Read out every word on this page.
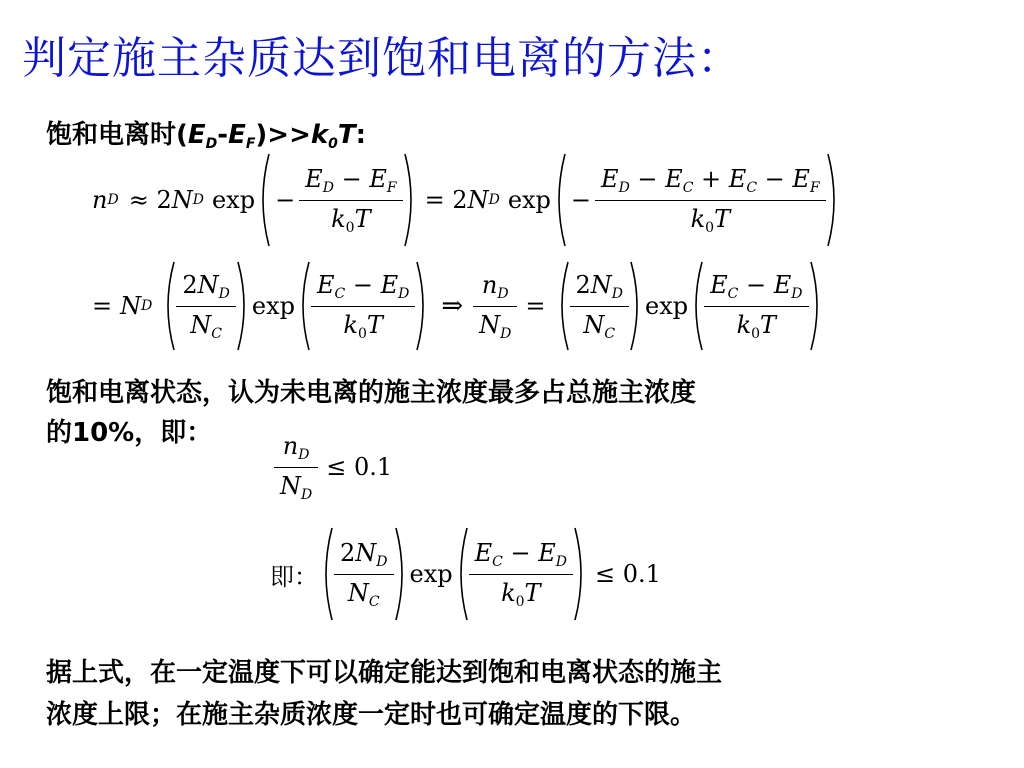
判定施主杂质达到饱和电离的方法：
饱和电离时$(E_D-E_F)>>k_0T$:
n D ≈ 2 N D $\exp - \frac{E_D - E_F}{k_0T} = 2$ N D $\exp - \frac{E_D - E_C + E_C - E_F}{k_0T}$
= N D $\frac{2N_D}{N_C}$ $\exp \frac{E_C - E_D}{k_0T}$ ⇒ $\frac{n_D}{N_D} = \frac{2N_D}{N_C}$ $\exp \frac{E_C - E_D}{k_0T}$
饱和电离状态，认为未电离的施主浓度最多占总施主浓度
的10%，即：	$\frac{n_D}{N_D} \le 0.1$
即： $\frac{2N_D}{N_C}$ $\exp \frac{E_C - E_D}{k_0T} \le 0.1$
据上式，在一定温度下可以确定能达到饱和电离状态的施主
浓度上限；在施主杂质浓度一定时也可确定温度的下限。
